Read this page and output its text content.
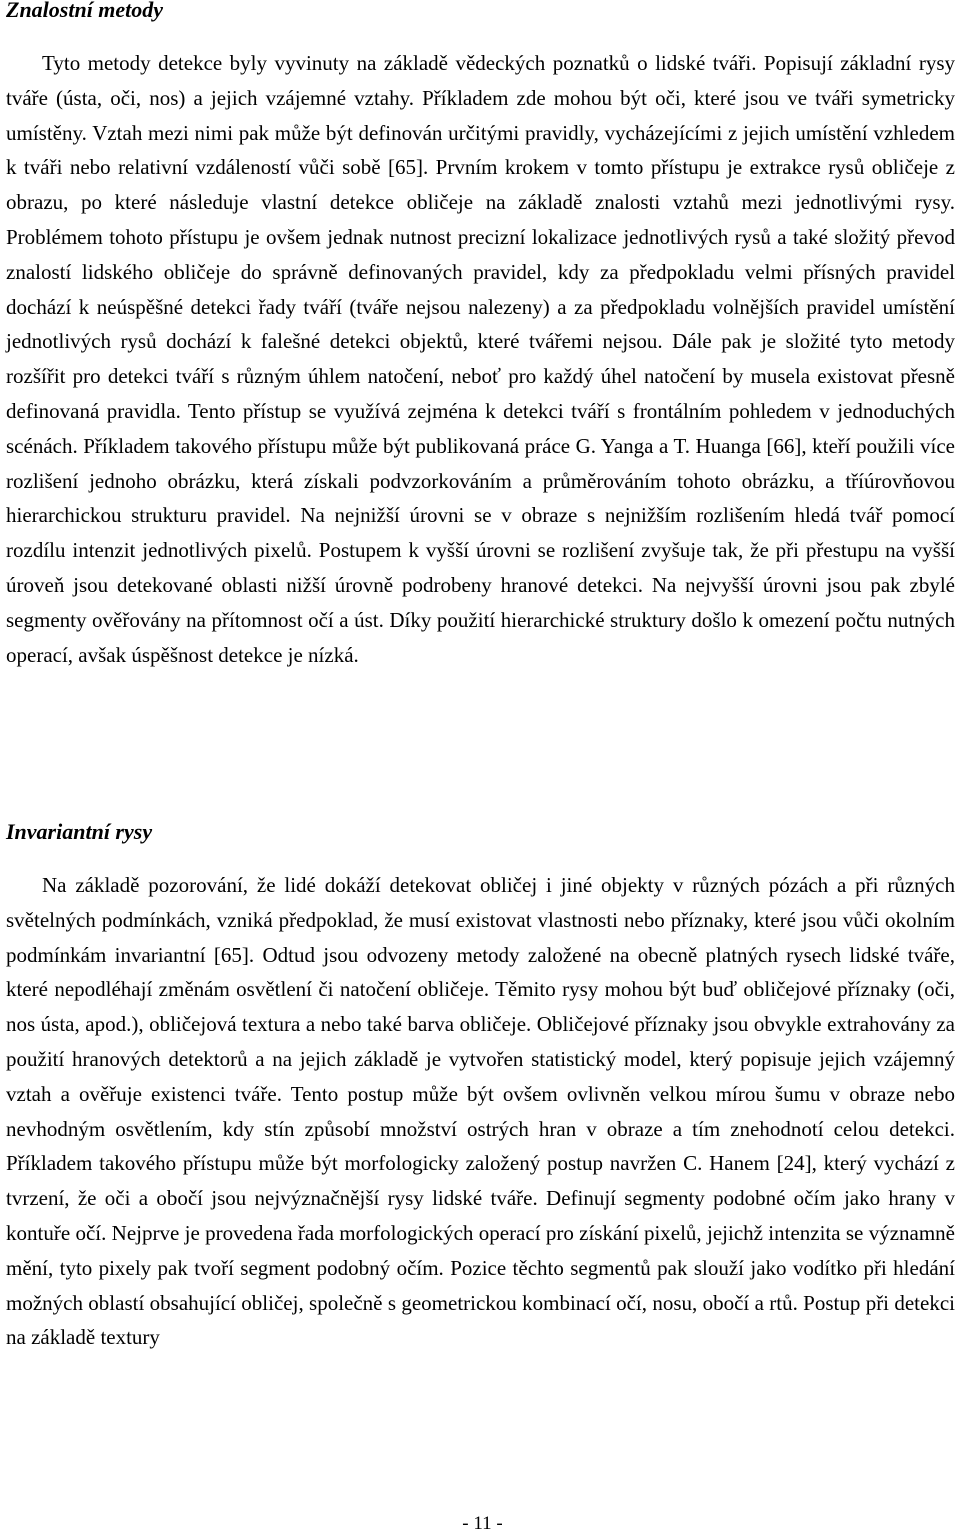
Znalostní metody

Tyto metody detekce byly vyvinuty na základě vědeckých poznatků o lidské tváři. Popisují základní rysy tváře (ústa, oči, nos) a jejich vzájemné vztahy. Příkladem zde mohou být oči, které jsou ve tváři symetricky umístěny. Vztah mezi nimi pak může být definován určitými pravidly, vycházejícími z jejich umístění vzhledem k tváři nebo relativní vzdáleností vůči sobě [65]. Prvním krokem v tomto přístupu je extrakce rysů obličeje z obrazu, po které následuje vlastní detekce obličeje na základě znalosti vztahů mezi jednotlivými rysy. Problémem tohoto přístupu je ovšem jednak nutnost precizní lokalizace jednotlivých rysů a také složitý převod znalostí lidského obličeje do správně definovaných pravidel, kdy za předpokladu velmi přísných pravidel dochází k neúspěšné detekci řady tváří (tváře nejsou nalezeny) a za předpokladu volnějších pravidel umístění jednotlivých rysů dochází k falešné detekci objektů, které tvářemi nejsou. Dále pak je složité tyto metody rozšířit pro detekci tváří s různým úhlem natočení, neboť pro každý úhel natočení by musela existovat přesně definovaná pravidla. Tento přístup se využívá zejména k detekci tváří s frontálním pohledem v jednoduchých scénách. Příkladem takového přístupu může být publikovaná práce G. Yanga a T. Huanga [66], kteří použili více rozlišení jednoho obrázku, která získali podvzorkováním a průměrováním tohoto obrázku, a tříúrovňovou hierarchickou strukturu pravidel. Na nejnižší úrovni se v obraze s nejnižším rozlišením hledá tvář pomocí rozdílu intenzit jednotlivých pixelů. Postupem k vyšší úrovni se rozlišení zvyšuje tak, že při přestupu na vyšší úroveň jsou detekované oblasti nižší úrovně podrobeny hranové detekci. Na nejvyšší úrovni jsou pak zbylé segmenty ověřovány na přítomnost očí a úst. Díky použití hierarchické struktury došlo k omezení počtu nutných operací, avšak úspěšnost detekce je nízká.

Invariantní rysy

Na základě pozorování, že lidé dokáží detekovat obličej i jiné objekty v různých pózách a při různých světelných podmínkách, vzniká předpoklad, že musí existovat vlastnosti nebo příznaky, které jsou vůči okolním podmínkám invariantní [65]. Odtud jsou odvozeny metody založené na obecně platných rysech lidské tváře, které nepodléhají změnám osvětlení či natočení obličeje. Těmito rysy mohou být buď obličejové příznaky (oči, nos ústa, apod.), obličejová textura a nebo také barva obličeje. Obličejové příznaky jsou obvykle extrahovány za použití hranových detektorů a na jejich základě je vytvořen statistický model, který popisuje jejich vzájemný vztah a ověřuje existenci tváře. Tento postup může být ovšem ovlivněn velkou mírou šumu v obraze nebo nevhodným osvětlením, kdy stín způsobí množství ostrých hran v obraze a tím znehodnotí celou detekci. Příkladem takového přístupu může být morfologicky založený postup navržen C. Hanem [24], který vychází z tvrzení, že oči a obočí jsou nejvýznačnější rysy lidské tváře. Definují segmenty podobné očím jako hrany v kontuře očí. Nejprve je provedena řada morfologických operací pro získání pixelů, jejichž intenzita se významně mění, tyto pixely pak tvoří segment podobný očím. Pozice těchto segmentů pak slouží jako vodítko při hledání možných oblastí obsahující obličej, společně s geometrickou kombinací očí, nosu, obočí a rtů. Postup při detekci na základě textury

- 11 -
